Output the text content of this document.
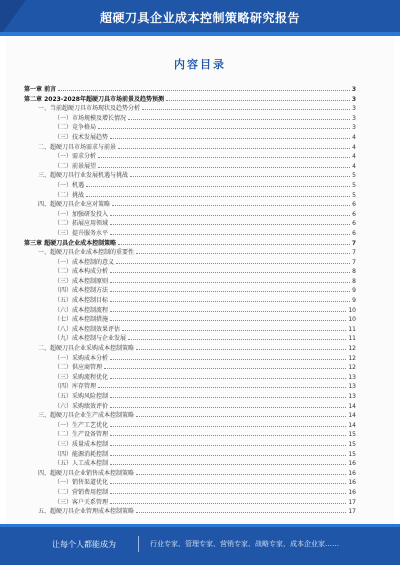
超硬刀具企业成本控制策略研究报告
内容目录
第一章 前言	3
第二章 2023-2028年超硬刀具市场前景及趋势预测	3
一、当前超硬刀具市场现状及趋势分析	3
（一）市场规模及增长情况	3
（二）竞争格局	3
（三）技术发展趋势	4
二、超硬刀具市场需求与前景	4
（一）需求分析	4
（二）前景展望	4
三、超硬刀具行业发展机遇与挑战	5
（一）机遇	5
（二）挑战	5
四、超硬刀具企业应对策略	6
（一）加强研发投入	6
（二）拓展应用领域	6
（三）提升服务水平	6
第三章 超硬刀具企业成本控制策略	7
一、超硬刀具企业成本控制的重要性	7
（一）成本控制的意义	7
（二）成本构成分析	8
（三）成本控制原则	8
（四）成本控制方法	9
（五）成本控制目标	9
（六）成本控制流程	10
（七）成本控制措施	10
（八）成本控制效果评估	11
（九）成本控制与企业发展	11
二、超硬刀具企业采购成本控制策略	12
（一）采购成本分析	12
（二）供应商管理	12
（三）采购流程优化	13
（四）库存管理	13
（五）采购风险控制	13
（六）采购绩效评价	14
三、超硬刀具企业生产成本控制策略	14
（一）生产工艺优化	14
（二）生产设备管理	15
（三）质量成本控制	15
（四）能源消耗控制	15
（五）人工成本控制	16
四、超硬刀具企业销售成本控制策略	16
（一）销售渠道优化	16
（二）营销费用控制	16
（三）客户关系管理	17
五、超硬刀具企业管理成本控制策略	17
让每个人都能成为	行业专家、管理专家、营销专家、战略专家、成本企业家……
